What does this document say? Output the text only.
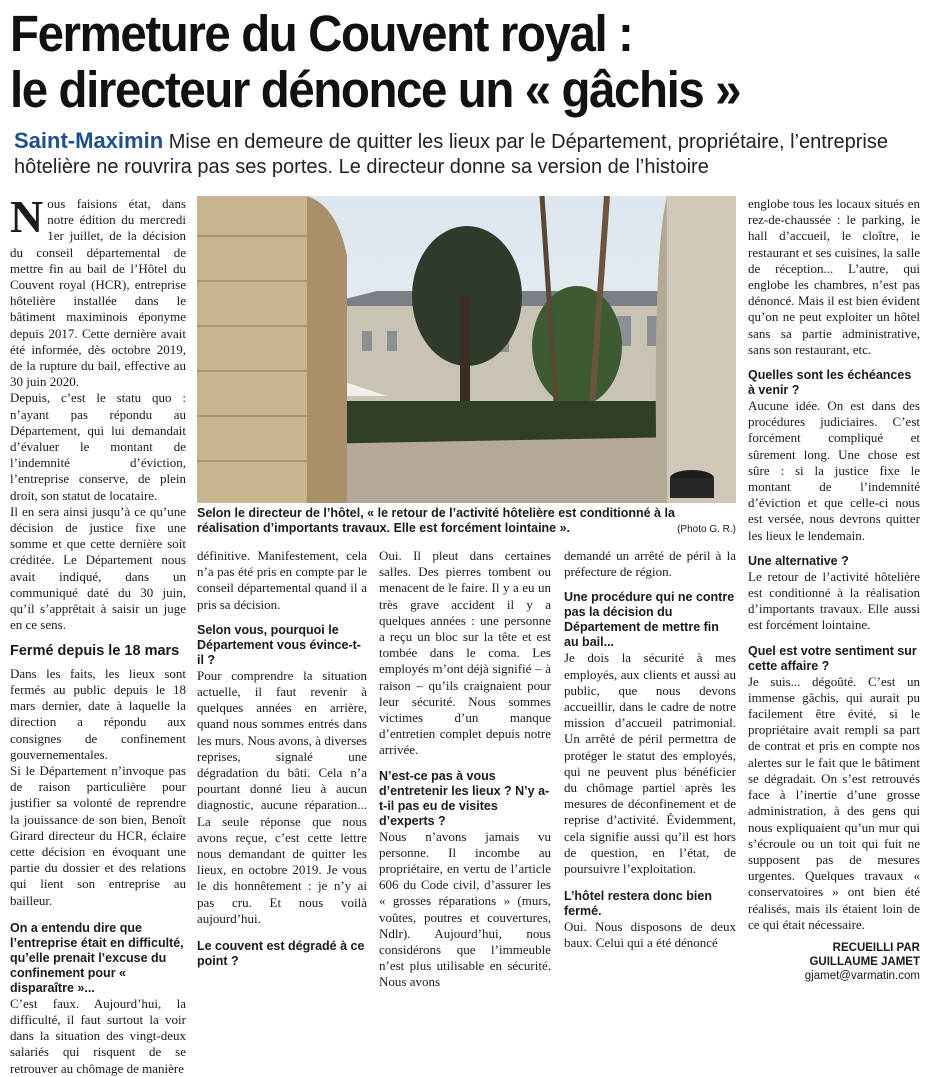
Fermeture du Couvent royal :
le directeur dénonce un « gâchis »
Saint-Maximin Mise en demeure de quitter les lieux par le Département, propriétaire, l’entreprise hôtelière ne rouvrira pas ses portes. Le directeur donne sa version de l’histoire

Nous faisions état, dans notre édition du mercredi 1er juillet, de la décision du conseil départemental de mettre fin au bail de l’Hôtel du Couvent royal (HCR), entreprise hôtelière installée dans le bâtiment maximinois éponyme depuis 2017. Cette dernière avait été informée, dès octobre 2019, de la rupture du bail, effective au 30 juin 2020.

Depuis, c’est le statu quo : n’ayant pas répondu au Département, qui lui demandait d’évaluer le montant de l’indemnité d’éviction, l’entreprise conserve, de plein droit, son statut de locataire.

Il en sera ainsi jusqu’à ce qu’une décision de justice fixe une somme et que cette dernière soit créditée. Le Département nous avait indiqué, dans un communiqué daté du 30 juin, qu’il s’apprêtait à saisir un juge en ce sens.

Fermé depuis le 18 mars

Dans les faits, les lieux sont fermés au public depuis le 18 mars dernier, date à laquelle la direction a répondu aux consignes de confinement gouvernementales.

Si le Département n’invoque pas de raison particulière pour justifier sa volonté de reprendre la jouissance de son bien, Benoît Girard directeur du HCR, éclaire cette décision en évoquant une partie du dossier et des relations qui lient son entreprise au bailleur.

On a entendu dire que l’entreprise était en difficulté, qu’elle prenait l’excuse du confinement pour « disparaître »...

C’est faux. Aujourd’hui, la difficulté, il faut surtout la voir dans la situation des vingt-deux salariés qui risquent de se retrouver au chômage de manière

Selon le directeur de l’hôtel, « le retour de l’activité hôtelière est conditionné à la réalisation d’importants travaux. Elle est forcément lointaine ».	(Photo G. R.)

définitive. Manifestement, cela n’a pas été pris en compte par le conseil départemental quand il a pris sa décision.

Selon vous, pourquoi le Département vous évince-t-il ?

Pour comprendre la situation actuelle, il faut revenir à quelques années en arrière, quand nous sommes entrés dans les murs. Nous avons, à diverses reprises, signalé une dégradation du bâti. Cela n’a pourtant donné lieu à aucun diagnostic, aucune réparation... La seule réponse que nous avons reçue, c’est cette lettre nous demandant de quitter les lieux, en octobre 2019. Je vous le dis honnêtement : je n’y ai pas cru. Et nous voilà aujourd’hui.

Le couvent est dégradé à ce point ?

Oui. Il pleut dans certaines salles. Des pierres tombent ou menacent de le faire. Il y a eu un très grave accident il y a quelques années : une personne a reçu un bloc sur la tête et est tombée dans le coma. Les employés m’ont déjà signifié – à raison – qu’ils craignaient pour leur sécurité. Nous sommes victimes d’un manque d’entretien complet depuis notre arrivée.

N’est-ce pas à vous d’entretenir les lieux ? N’y a-t-il pas eu de visites d’experts ?

Nous n’avons jamais vu personne. Il incombe au propriétaire, en vertu de l’article 606 du Code civil, d’assurer les « grosses réparations » (murs, voûtes, poutres et couvertures, Ndlr). Aujourd’hui, nous considérons que l’immeuble n’est plus utilisable en sécurité. Nous avons

demandé un arrêté de péril à la préfecture de région.

Une procédure qui ne contre pas la décision du Département de mettre fin au bail...

Je dois la sécurité à mes employés, aux clients et aussi au public, que nous devons accueillir, dans le cadre de notre mission d’accueil patrimonial. Un arrêté de péril permettra de protéger le statut des employés, qui ne peuvent plus bénéficier du chômage partiel après les mesures de déconfinement et de reprise d’activité. Évidemment, cela signifie aussi qu’il est hors de question, en l’état, de poursuivre l’exploitation.

L’hôtel restera donc bien fermé.

Oui. Nous disposons de deux baux. Celui qui a été dénoncé

englobe tous les locaux situés en rez-de-chaussée : le parking, le hall d’accueil, le cloître, le restaurant et ses cuisines, la salle de réception... L’autre, qui englobe les chambres, n’est pas dénoncé. Mais il est bien évident qu’on ne peut exploiter un hôtel sans sa partie administrative, sans son restaurant, etc.

Quelles sont les échéances à venir ?

Aucune idée. On est dans des procédures judiciaires. C’est forcément compliqué et sûrement long. Une chose est sûre : si la justice fixe le montant de l’indemnité d’éviction et que celle-ci nous est versée, nous devrons quitter les lieux le lendemain.

Une alternative ?

Le retour de l’activité hôtelière est conditionné à la réalisation d’importants travaux. Elle aussi est forcément lointaine.

Quel est votre sentiment sur cette affaire ?

Je suis... dégoûté. C’est un immense gâchis, qui aurait pu facilement être évité, si le propriétaire avait rempli sa part de contrat et pris en compte nos alertes sur le fait que le bâtiment se dégradait. On s’est retrouvés face à l’inertie d’une grosse administration, à des gens qui nous expliquaient qu’un mur qui s’écroule ou un toit qui fuit ne supposent pas de mesures urgentes. Quelques travaux « conservatoires » ont bien été réalisés, mais ils étaient loin de ce qui était nécessaire.

RECUEILLI PAR
GUILLAUME JAMET
gjamet@varmatin.com
